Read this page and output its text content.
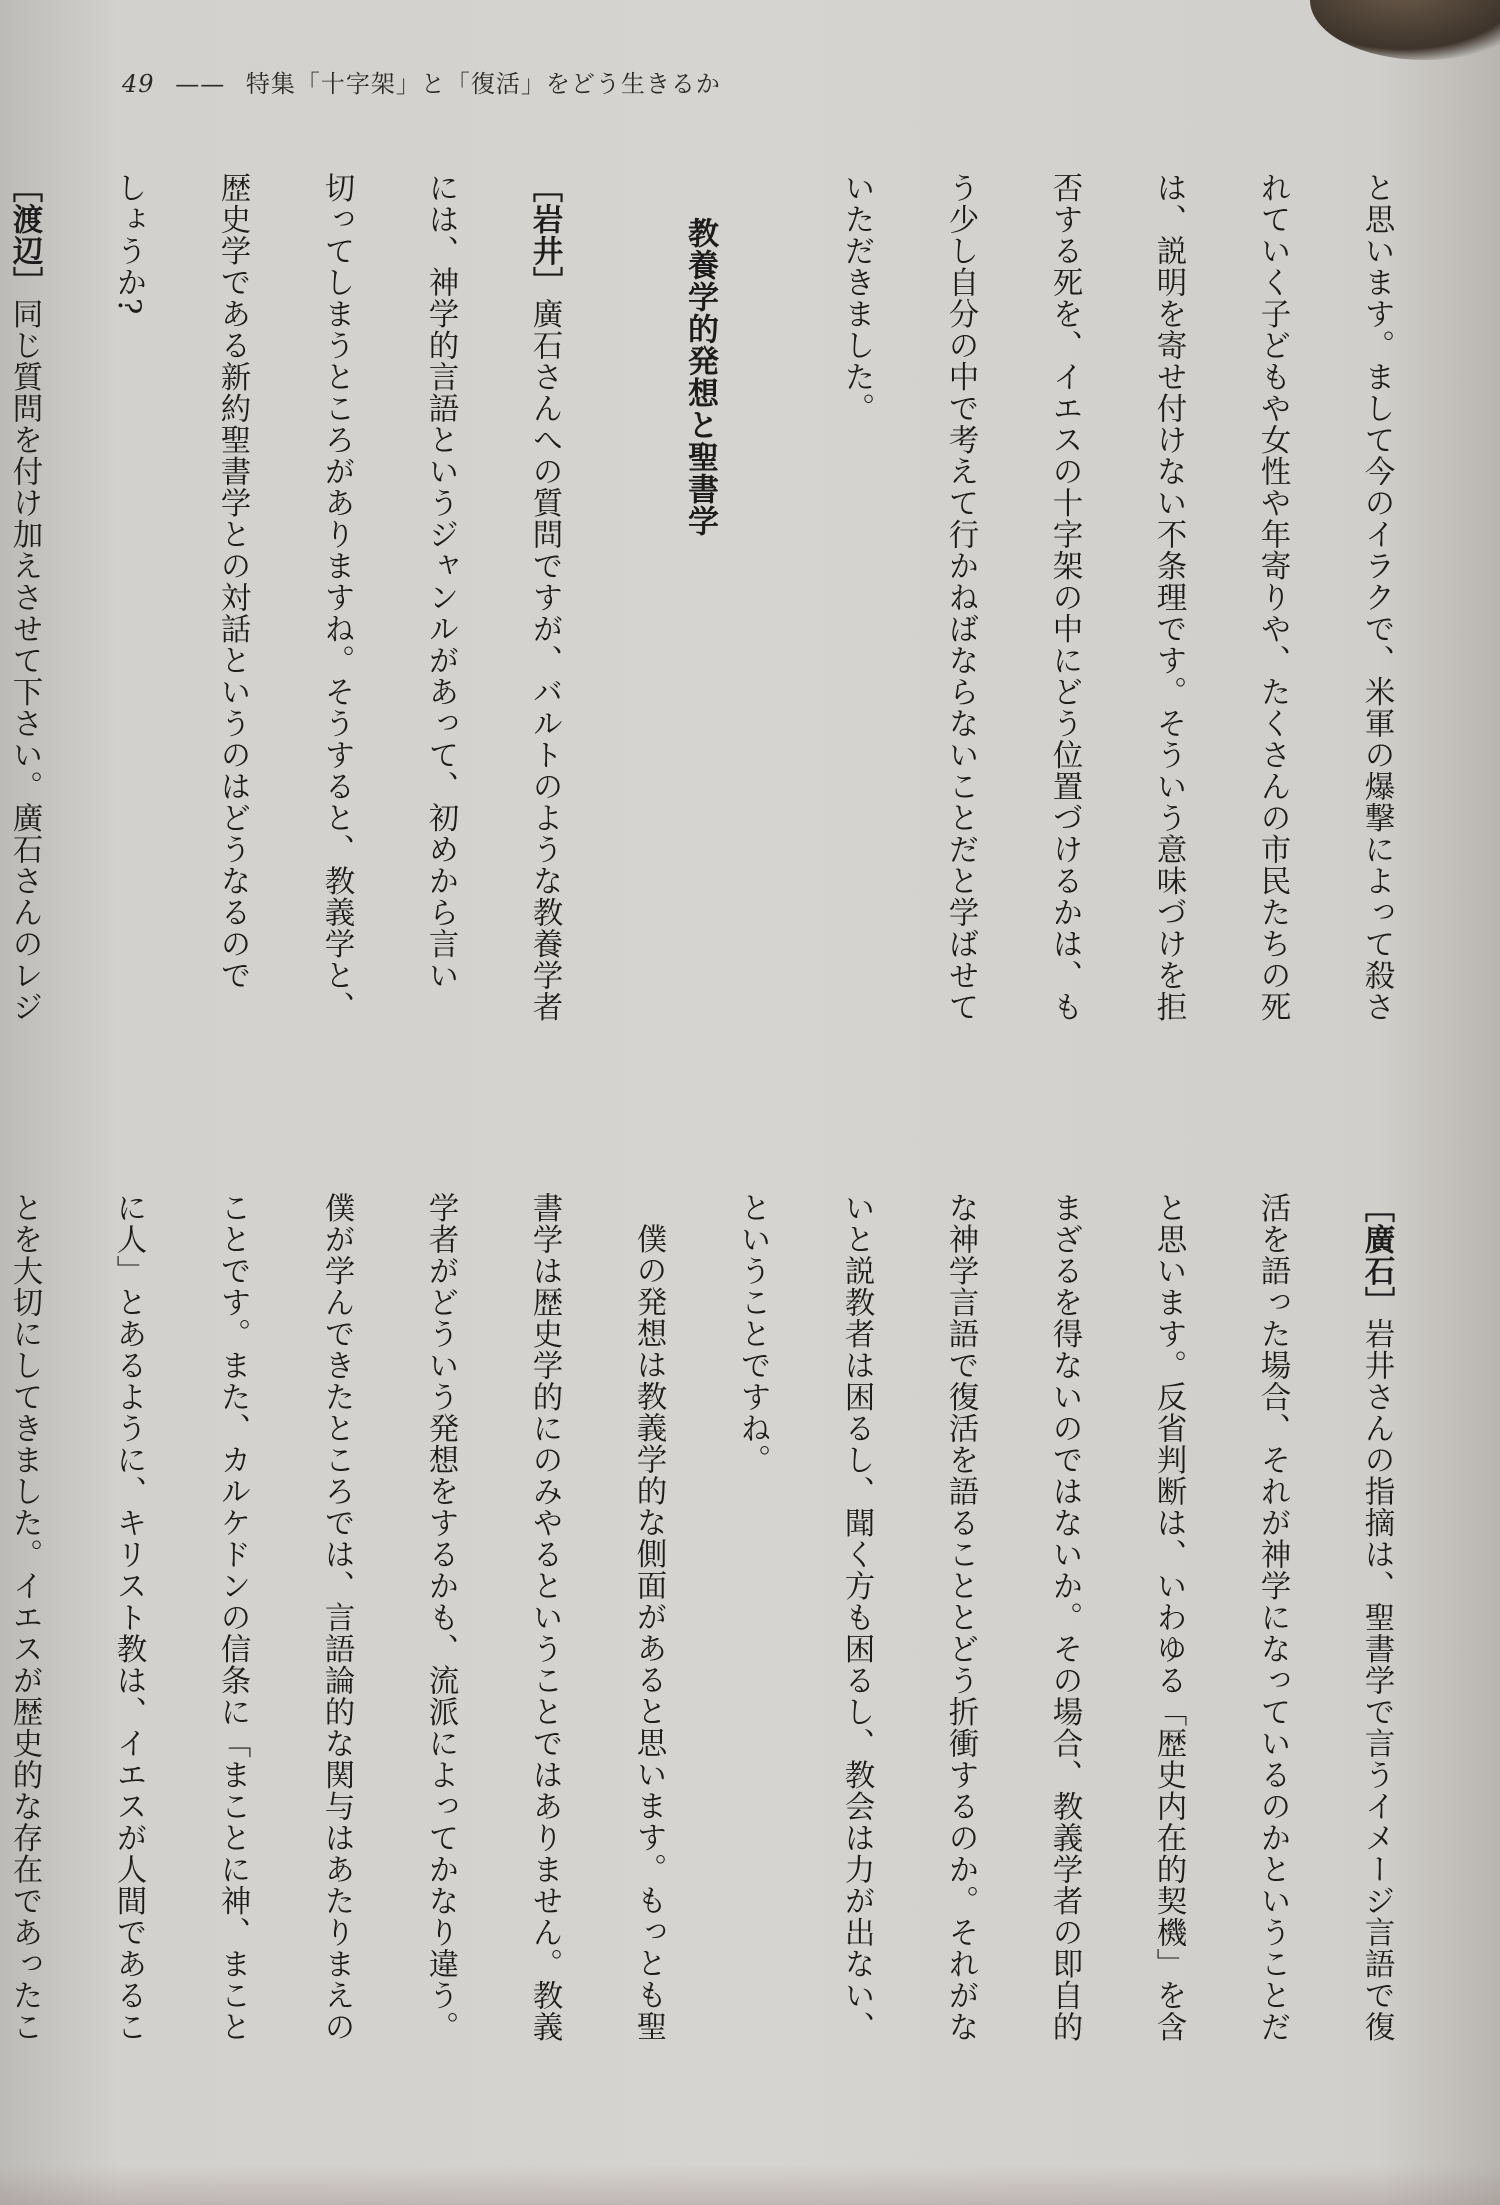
49 —— 特集「十字架」と「復活」をどう生きるか

と思います。まして今のイラクで、米軍の爆撃によって殺さ

れていく子どもや女性や年寄りや、たくさんの市民たちの死

は、説明を寄せ付けない不条理です。そういう意味づけを拒

否する死を、イエスの十字架の中にどう位置づけるかは、も

う少し自分の中で考えて行かねばならないことだと学ばせて

いただきました。

教養学的発想と聖書学

［岩井］廣石さんへの質問ですが、バルトのような教養学者

には、神学的言語というジャンルがあって、初めから言い

切ってしまうところがありますね。そうすると、教義学と、

歴史学である新約聖書学との対話というのはどうなるので

しょうか?

［渡辺］同じ質問を付け加えさせて下さい。廣石さんのレジ

［廣石］岩井さんの指摘は、聖書学で言うイメージ言語で復

活を語った場合、それが神学になっているのかということだ

と思います。反省判断は、いわゆる「歴史内在的契機」を含

まざるを得ないのではないか。その場合、教義学者の即自的

な神学言語で復活を語ることとどう折衝するのか。それがな

いと説教者は困るし、聞く方も困るし、教会は力が出ない、

ということですね。

僕の発想は教義学的な側面があると思います。もっとも聖

書学は歴史学的にのみやるということではありません。教義

学者がどういう発想をするかも、流派によってかなり違う。

僕が学んできたところでは、言語論的な関与はあたりまえの

ことです。また、カルケドンの信条に「まことに神、まこと

に人」とあるように、キリスト教は、イエスが人間であるこ

とを大切にしてきました。イエスが歴史的な存在であったこ
